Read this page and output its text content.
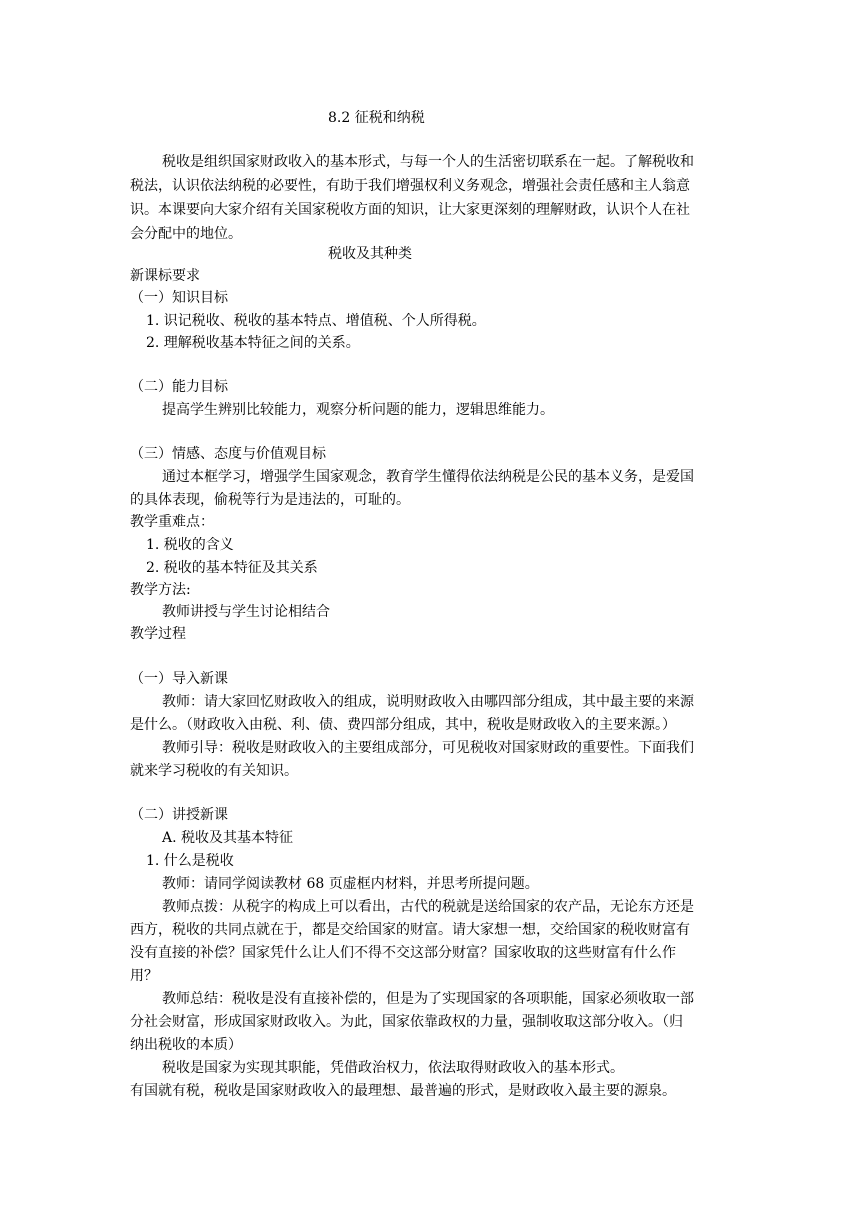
8.2 征税和纳税
税收是组织国家财政收入的基本形式，与每一个人的生活密切联系在一起。了解税收和
税法，认识依法纳税的必要性，有助于我们增强权利义务观念，增强社会责任感和主人翁意
识。本课要向大家介绍有关国家税收方面的知识，让大家更深刻的理解财政，认识个人在社
会分配中的地位。
税收及其种类
新课标要求
（一）知识目标
1. 识记税收、税收的基本特点、增值税、个人所得税。
2. 理解税收基本特征之间的关系。
（二）能力目标
提高学生辨别比较能力，观察分析问题的能力，逻辑思维能力。
（三）情感、态度与价值观目标
通过本框学习，增强学生国家观念，教育学生懂得依法纳税是公民的基本义务，是爱国
的具体表现，偷税等行为是违法的，可耻的。
教学重难点：
1. 税收的含义
2. 税收的基本特征及其关系
教学方法:
教师讲授与学生讨论相结合
教学过程
（一）导入新课
教师：请大家回忆财政收入的组成，说明财政收入由哪四部分组成，其中最主要的来源
是什么。（财政收入由税、利、债、费四部分组成，其中，税收是财政收入的主要来源。）
教师引导：税收是财政收入的主要组成部分，可见税收对国家财政的重要性。下面我们
就来学习税收的有关知识。
（二）讲授新课
A. 税收及其基本特征
1. 什么是税收
教师：请同学阅读教材 68 页虚框内材料，并思考所提问题。
教师点拨：从税字的构成上可以看出，古代的税就是送给国家的农产品，无论东方还是
西方，税收的共同点就在于，都是交给国家的财富。请大家想一想，交给国家的税收财富有
没有直接的补偿？国家凭什么让人们不得不交这部分财富？国家收取的这些财富有什么作
用？
教师总结：税收是没有直接补偿的，但是为了实现国家的各项职能，国家必须收取一部
分社会财富，形成国家财政收入。为此，国家依靠政权的力量，强制收取这部分收入。（归
纳出税收的本质）
税收是国家为实现其职能，凭借政治权力，依法取得财政收入的基本形式。
有国就有税，税收是国家财政收入的最理想、最普遍的形式，是财政收入最主要的源泉。
